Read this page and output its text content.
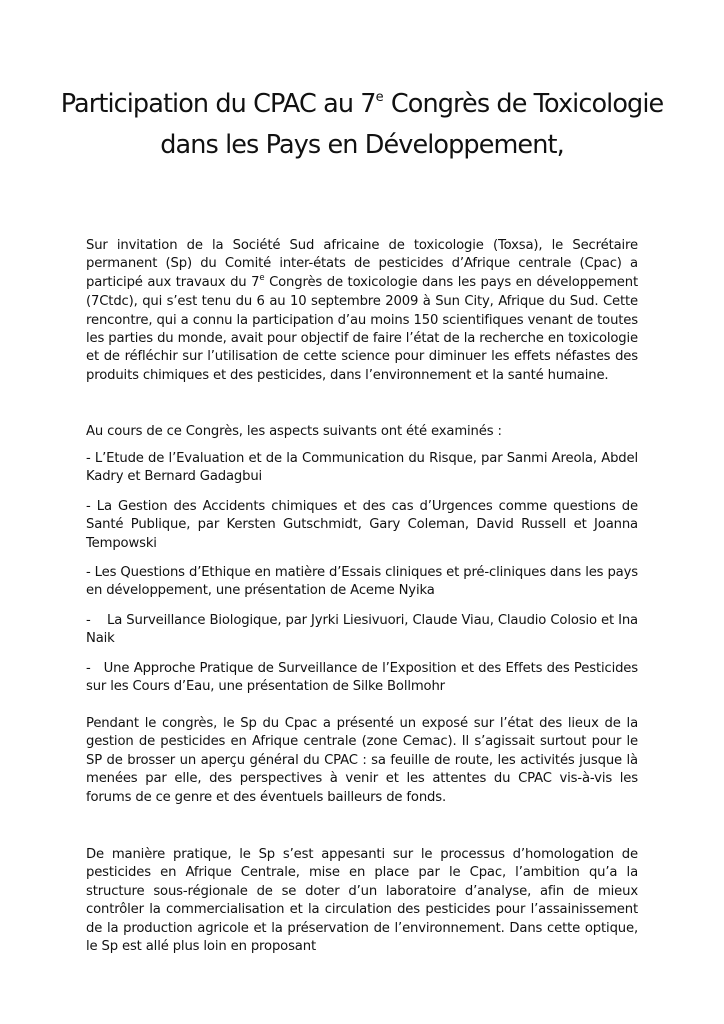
Participation du CPAC au 7e Congrès de Toxicologie
dans les Pays en Développement,

Sur invitation de la Société Sud africaine de toxicologie (Toxsa), le Secrétaire permanent (Sp) du Comité inter-états de pesticides d’Afrique centrale (Cpac) a participé aux travaux du 7e Congrès de toxicologie dans les pays en développement (7Ctdc), qui s’est tenu du 6 au 10 septembre 2009 à Sun City, Afrique du Sud. Cette rencontre, qui a connu la participation d’au moins 150 scientifiques venant de toutes les parties du monde, avait pour objectif de faire l’état de la recherche en toxicologie et de réfléchir sur l’utilisation de cette science pour diminuer les effets néfastes des produits chimiques et des pesticides, dans l’environnement et la santé humaine.

Au cours de ce Congrès, les aspects suivants ont été examinés :

- L’Etude de l’Evaluation et de la Communication du Risque, par Sanmi Areola, Abdel Kadry et Bernard Gadagbui

- La Gestion des Accidents chimiques et des cas d’Urgences comme questions de Santé Publique, par Kersten Gutschmidt, Gary Coleman, David Russell et Joanna Tempowski

- Les Questions d’Ethique en matière d’Essais cliniques et pré-cliniques dans les pays en développement, une présentation de Aceme Nyika

-    La Surveillance Biologique, par Jyrki Liesivuori, Claude Viau, Claudio Colosio et Ina Naik

-   Une Approche Pratique de Surveillance de l’Exposition et des Effets des Pesticides sur les Cours d’Eau, une présentation de Silke Bollmohr

Pendant le congrès, le Sp du Cpac a présenté un exposé sur l’état des lieux de la gestion de pesticides en Afrique centrale (zone Cemac). Il s’agissait surtout pour le SP de brosser un aperçu général du CPAC : sa feuille de route, les activités jusque là menées par elle, des perspectives à venir et les attentes du CPAC vis-à-vis les forums de ce genre et des éventuels bailleurs de fonds.

De manière pratique, le Sp s’est appesanti sur le processus d’homologation de pesticides en Afrique Centrale, mise en place par le Cpac, l’ambition qu’a la structure sous-régionale de se doter d’un laboratoire d’analyse, afin de mieux contrôler la commercialisation et la circulation des pesticides pour l’assainissement de la production agricole et la préservation de l’environnement. Dans cette optique, le Sp est allé plus loin en proposant
